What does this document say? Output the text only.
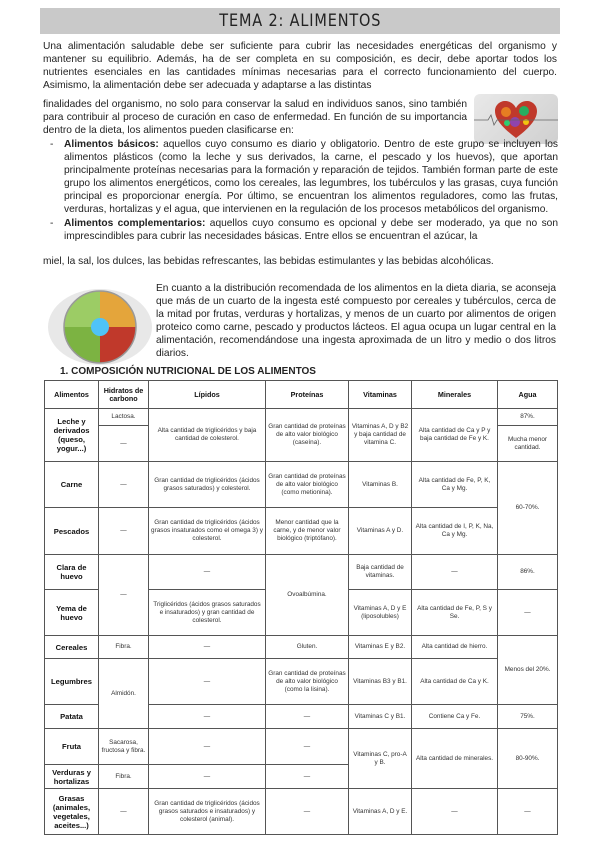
TEMA 2: ALIMENTOS
Una alimentación saludable debe ser suficiente para cubrir las necesidades energéticas del organismo y mantener su equilibrio. Además, ha de ser completa en su composición, es decir, debe aportar todos los nutrientes esenciales en las cantidades mínimas necesarias para el correcto funcionamiento del cuerpo. Asimismo, la alimentación debe ser adecuada y adaptarse a las distintas
finalidades del organismo, no solo para conservar la salud en individuos sanos, sino también para contribuir al proceso de curación en caso de enfermedad. En función de su importancia dentro de la dieta, los alimentos pueden clasificarse en:
- Alimentos básicos: aquellos cuyo consumo es diario y obligatorio. Dentro de este grupo se incluyen los alimentos plásticos (como la leche y sus derivados, la carne, el pescado y los huevos), que aportan principalmente proteínas necesarias para la formación y reparación de tejidos. También forman parte de este grupo los alimentos energéticos, como los cereales, las legumbres, los tubérculos y las grasas, cuya función principal es proporcionar energía. Por último, se encuentran los alimentos reguladores, como las frutas, verduras, hortalizas y el agua, que intervienen en la regulación de los procesos metabólicos del organismo.
- Alimentos complementarios: aquellos cuyo consumo es opcional y debe ser moderado, ya que no son imprescindibles para cubrir las necesidades básicas. Entre ellos se encuentran el azúcar, la
miel, la sal, los dulces, las bebidas refrescantes, las bebidas estimulantes y las bebidas alcohólicas.
En cuanto a la distribución recomendada de los alimentos en la dieta diaria, se aconseja que más de un cuarto de la ingesta esté compuesto por cereales y tubérculos, cerca de la mitad por frutas, verduras y hortalizas, y menos de un cuarto por alimentos de origen proteico como carne, pescado y productos lácteos. El agua ocupa un lugar central en la alimentación, recomendándose una ingesta aproximada de un litro y medio o dos litros diarios.
1. COMPOSICIÓN NUTRICIONAL DE LOS ALIMENTOS
Alimentos	Hidratos de carbono	Lípidos	Proteínas	Vitaminas	Minerales	Agua
Leche y derivados (queso, yogur...)	Lactosa.	Alta cantidad de triglicéridos y baja cantidad de colesterol.	Gran cantidad de proteínas de alto valor biológico (caseína).	Vitaminas A, D y B2 y baja cantidad de vitamina C.	Alta cantidad de Ca y P y baja cantidad de Fe y K.	87%.
	—					Mucha menor cantidad.
Carne	—	Gran cantidad de triglicéridos (ácidos grasos saturados) y colesterol.	Gran cantidad de proteínas de alto valor biológico (como metionina).	Vitaminas B.	Alta cantidad de Fe, P, K, Ca y Mg.	60-70%.
Pescados	—	Gran cantidad de triglicéridos (ácidos grasos insaturados como el omega 3) y colesterol.	Menor cantidad que la carne, y de menor valor biológico (triptófano).	Vitaminas A y D.	Alta cantidad de I, P, K, Na, Ca y Mg.	
Clara de huevo	—	—	Ovoalbúmina.	Baja cantidad de vitaminas.	—	86%.
Yema de huevo		Triglicéridos (ácidos grasos saturados e insaturados) y gran cantidad de colesterol.		Vitaminas A, D y E (liposolubles)	Alta cantidad de Fe, P, S y Se.	—
Cereales	Fibra.	—	Gluten.	Vitaminas E y B2.	Alta cantidad de hierro.	Menos del 20%.
Legumbres	Almidón.	—	Gran cantidad de proteínas de alto valor biológico (como la lisina).	Vitaminas B3 y B1.	Alta cantidad de Ca y K.	
Patata		—	—	Vitaminas C y B1.	Contiene Ca y Fe.	75%.
Fruta	Sacarosa, fructosa y fibra.	—	—	Vitaminas C, pro-A y B.	Alta cantidad de minerales.	80-90%.
Verduras y hortalizas	Fibra.	—	—			
Grasas (animales, vegetales, aceites...)	—	Gran cantidad de triglicéridos (ácidos grasos saturados e insaturados) y colesterol (animal).	—	Vitaminas A, D y E.	—	—
